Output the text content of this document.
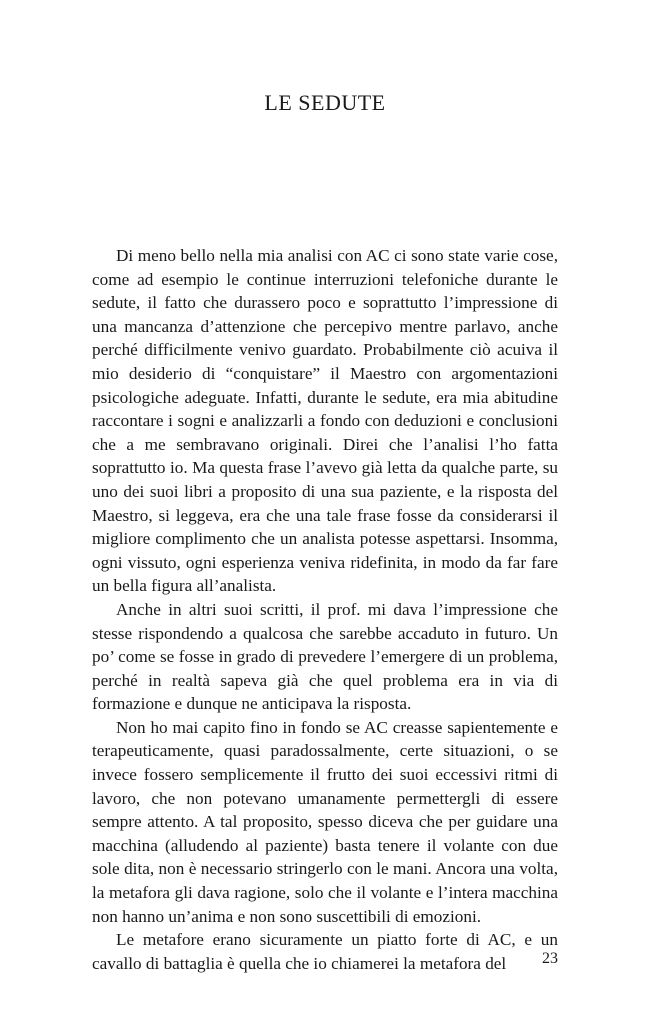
LE SEDUTE

Di meno bello nella mia analisi con AC ci sono state varie cose, come ad esempio le continue interruzioni telefoniche durante le sedute, il fatto che durassero poco e soprattutto l’impressione di una mancanza d’attenzione che percepivo mentre parlavo, anche perché difficilmente venivo guardato. Probabilmente ciò acuiva il mio desiderio di “conquistare” il Maestro con argomentazioni psicologiche adeguate. Infatti, durante le sedute, era mia abitudine raccontare i sogni e analizzarli a fondo con deduzioni e conclusioni che a me sembravano originali. Direi che l’analisi l’ho fatta soprattutto io. Ma questa frase l’avevo già letta da qualche parte, su uno dei suoi libri a proposito di una sua paziente, e la risposta del Maestro, si leggeva, era che una tale frase fosse da considerarsi il migliore complimento che un analista potesse aspettarsi. Insomma, ogni vissuto, ogni esperienza veniva ridefinita, in modo da far fare un bella figura all’analista.

Anche in altri suoi scritti, il prof. mi dava l’impressione che stesse rispondendo a qualcosa che sarebbe accaduto in futuro. Un po’ come se fosse in grado di prevedere l’emergere di un problema, perché in realtà sapeva già che quel problema era in via di formazione e dunque ne anticipava la risposta.

Non ho mai capito fino in fondo se AC creasse sapientemente e terapeuticamente, quasi paradossalmente, certe situazioni, o se invece fossero semplicemente il frutto dei suoi eccessivi ritmi di lavoro, che non potevano umanamente permettergli di essere sempre attento. A tal proposito, spesso diceva che per guidare una macchina (alludendo al paziente) basta tenere il volante con due sole dita, non è necessario stringerlo con le mani. Ancora una volta, la metafora gli dava ragione, solo che il volante e l’intera macchina non hanno un’anima e non sono suscettibili di emozioni.

Le metafore erano sicuramente un piatto forte di AC, e un cavallo di battaglia è quella che io chiamerei la metafora del	23
